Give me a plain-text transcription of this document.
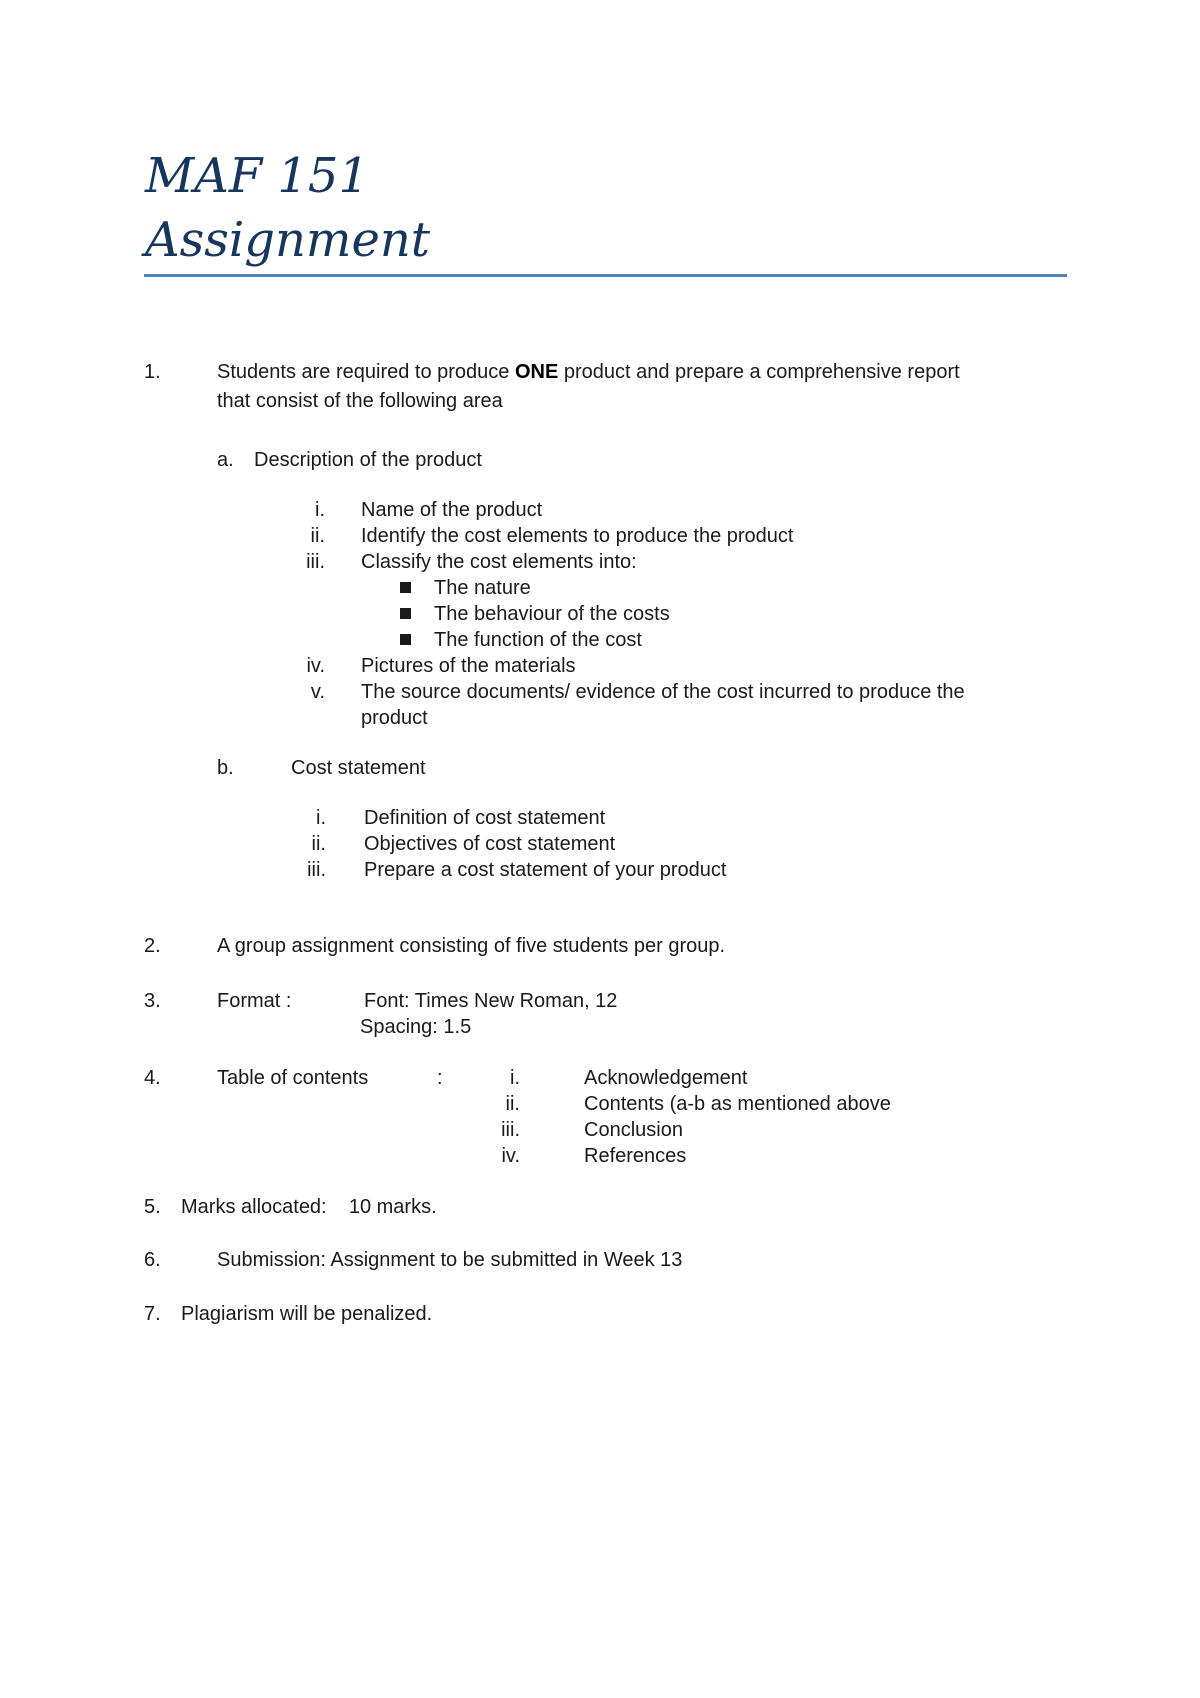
MAF 151
Assignment
1.	Students are required to produce ONE product and prepare a comprehensive report
that consist of the following area
a. Description of the product
i. Name of the product
ii. Identify the cost elements to produce the product
iii. Classify the cost elements into:
The nature
The behaviour of the costs
The function of the cost
iv. Pictures of the materials
v. The source documents/ evidence of the cost incurred to produce the
product
b.	Cost statement
i. Definition of cost statement
ii. Objectives of cost statement
iii. Prepare a cost statement of your product
2.	A group assignment consisting of five students per group.
3.	Format :	Font: Times New Roman, 12
Spacing: 1.5
4.	Table of contents	:	i.	Acknowledgement
ii.	Contents (a-b as mentioned above
iii.	Conclusion
iv.	References
5. Marks allocated:    10 marks.
6.	Submission: Assignment to be submitted in Week 13
7. Plagiarism will be penalized.
